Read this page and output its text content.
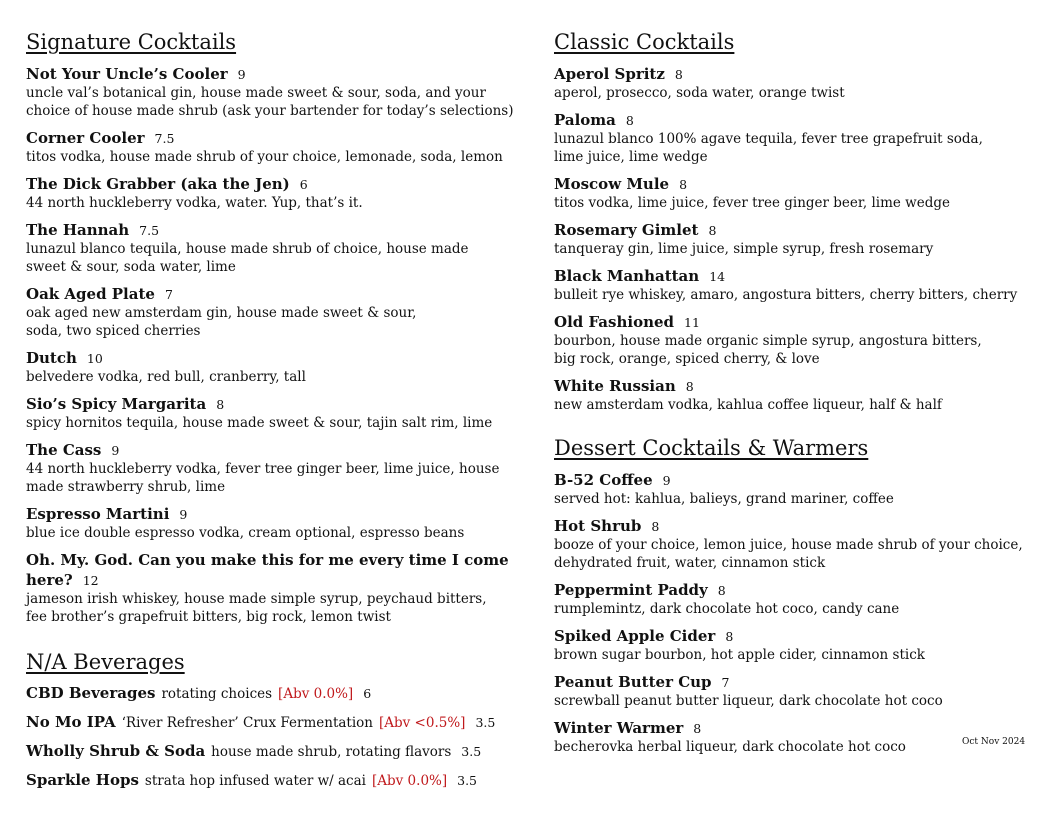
Signature Cocktails
Not Your Uncle’s Cooler 9
uncle val’s botanical gin, house made sweet & sour, soda, and your
choice of house made shrub (ask your bartender for today’s selections)
Corner Cooler 7.5
titos vodka, house made shrub of your choice, lemonade, soda, lemon
The Dick Grabber (aka the Jen) 6
44 north huckleberry vodka, water. Yup, that’s it.
The Hannah 7.5
lunazul blanco tequila, house made shrub of choice, house made
sweet & sour, soda water, lime
Oak Aged Plate 7
oak aged new amsterdam gin, house made sweet & sour,
soda, two spiced cherries
Dutch 10
belvedere vodka, red bull, cranberry, tall
Sio’s Spicy Margarita 8
spicy hornitos tequila, house made sweet & sour, tajin salt rim, lime
The Cass 9
44 north huckleberry vodka, fever tree ginger beer, lime juice, house
made strawberry shrub, lime
Espresso Martini 9
blue ice double espresso vodka, cream optional, espresso beans
Oh. My. God. Can you make this for me every time I come here? 12
jameson irish whiskey, house made simple syrup, peychaud bitters,
fee brother’s grapefruit bitters, big rock, lemon twist
N/A Beverages
CBD Beverages rotating choices [Abv 0.0%] 6
No Mo IPA ‘River Refresher’ Crux Fermentation [Abv <0.5%] 3.5
Wholly Shrub & Soda house made shrub, rotating flavors 3.5
Sparkle Hops strata hop infused water w/ acai [Abv 0.0%] 3.5
Classic Cocktails
Aperol Spritz 8
aperol, prosecco, soda water, orange twist
Paloma 8
lunazul blanco 100% agave tequila, fever tree grapefruit soda,
lime juice, lime wedge
Moscow Mule 8
titos vodka, lime juice, fever tree ginger beer, lime wedge
Rosemary Gimlet 8
tanqueray gin, lime juice, simple syrup, fresh rosemary
Black Manhattan 14
bulleit rye whiskey, amaro, angostura bitters, cherry bitters, cherry
Old Fashioned 11
bourbon, house made organic simple syrup, angostura bitters,
big rock, orange, spiced cherry, & love
White Russian 8
new amsterdam vodka, kahlua coffee liqueur, half & half
Dessert Cocktails & Warmers
B-52 Coffee 9
served hot: kahlua, balieys, grand mariner, coffee
Hot Shrub 8
booze of your choice, lemon juice, house made shrub of your choice,
dehydrated fruit, water, cinnamon stick
Peppermint Paddy 8
rumplemintz, dark chocolate hot coco, candy cane
Spiked Apple Cider 8
brown sugar bourbon, hot apple cider, cinnamon stick
Peanut Butter Cup 7
screwball peanut butter liqueur, dark chocolate hot coco
Winter Warmer 8
becherovka herbal liqueur, dark chocolate hot coco	Oct Nov 2024
